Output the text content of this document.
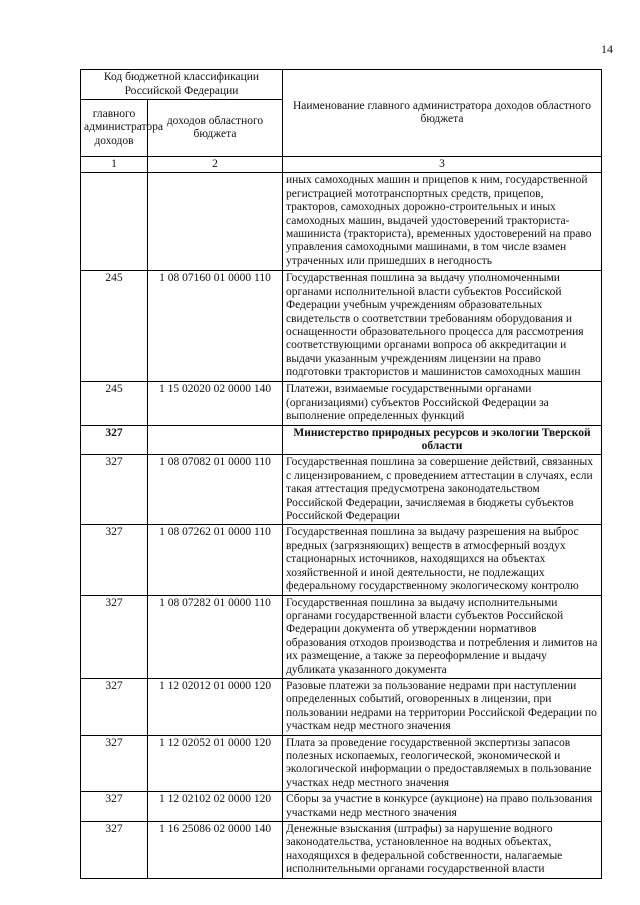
14
Код бюджетной классификации Российской Федерации		Наименование главного администратора доходов областного бюджета
главного администратора доходов	доходов областного бюджета	
1	2	3
		иных самоходных машин и прицепов к ним, государственной регистрацией мототранспортных средств, прицепов, тракторов, самоходных дорожно-строительных и иных самоходных машин, выдачей удостоверений тракториста-машиниста (тракториста), временных удостоверений на право управления самоходными машинами, в том числе взамен утраченных или пришедших в негодность
245	1 08 07160 01 0000 110	Государственная пошлина за выдачу уполномоченными органами исполнительной власти субъектов Российской Федерации учебным учреждениям образовательных свидетельств о соответствии требованиям оборудования и оснащенности образовательного процесса для рассмотрения соответствующими органами вопроса об аккредитации и выдачи указанным учреждениям лицензии на право подготовки трактористов и машинистов самоходных машин
245	1 15 02020 02 0000 140	Платежи, взимаемые государственными органами (организациями) субъектов Российской Федерации за выполнение определенных функций
327		Министерство природных ресурсов и экологии Тверской области
327	1 08 07082 01 0000 110	Государственная пошлина за совершение действий, связанных с лицензированием, с проведением аттестации в случаях, если такая аттестация предусмотрена законодательством Российской Федерации, зачисляемая в бюджеты субъектов Российской Федерации
327	1 08 07262 01 0000 110	Государственная пошлина за выдачу разрешения на выброс вредных (загрязняющих) веществ в атмосферный воздух стационарных источников, находящихся на объектах хозяйственной и иной деятельности, не подлежащих федеральному государственному экологическому контролю
327	1 08 07282 01 0000 110	Государственная пошлина за выдачу исполнительными органами государственной власти субъектов Российской Федерации документа об утверждении нормативов образования отходов производства и потребления и лимитов на их размещение, а также за переоформление и выдачу дубликата указанного документа
327	1 12 02012 01 0000 120	Разовые платежи за пользование недрами при наступлении определенных событий, оговоренных в лицензии, при пользовании недрами на территории Российской Федерации по участкам недр местного значения
327	1 12 02052 01 0000 120	Плата за проведение государственной экспертизы запасов полезных ископаемых, геологической, экономической и экологической информации о предоставляемых в пользование участках недр местного значения
327	1 12 02102 02 0000 120	Сборы за участие в конкурсе (аукционе) на право пользования участками недр местного значения
327	1 16 25086 02 0000 140	Денежные взыскания (штрафы) за нарушение водного законодательства, установленное на водных объектах, находящихся в федеральной собственности, налагаемые исполнительными органами государственной власти
